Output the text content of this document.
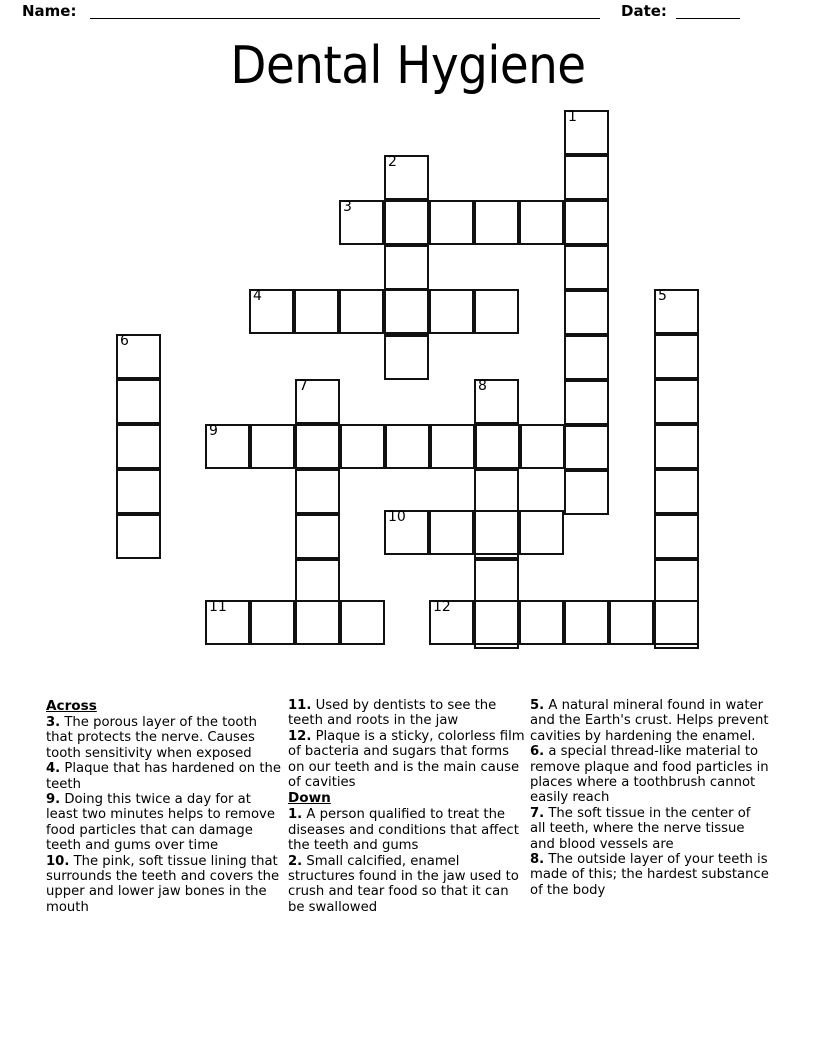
Name:	Date:
Dental Hygiene
1
2
3
4	5
6
7	8
9
10
11	12
Across
3. The porous layer of the tooth that protects the nerve. Causes tooth sensitivity when exposed
4. Plaque that has hardened on the teeth
9. Doing this twice a day for at least two minutes helps to remove food particles that can damage teeth and gums over time
10. The pink, soft tissue lining that surrounds the teeth and covers the upper and lower jaw bones in the mouth
11. Used by dentists to see the teeth and roots in the jaw
12. Plaque is a sticky, colorless film of bacteria and sugars that forms on our teeth and is the main cause of cavities
Down
1. A person qualified to treat the diseases and conditions that affect the teeth and gums
2. Small calcified, enamel structures found in the jaw used to crush and tear food so that it can be swallowed
5. A natural mineral found in water and the Earth's crust. Helps prevent cavities by hardening the enamel.
6. a special thread-like material to remove plaque and food particles in places where a toothbrush cannot easily reach
7. The soft tissue in the center of all teeth, where the nerve tissue and blood vessels are
8. The outside layer of your teeth is made of this; the hardest substance of the body
